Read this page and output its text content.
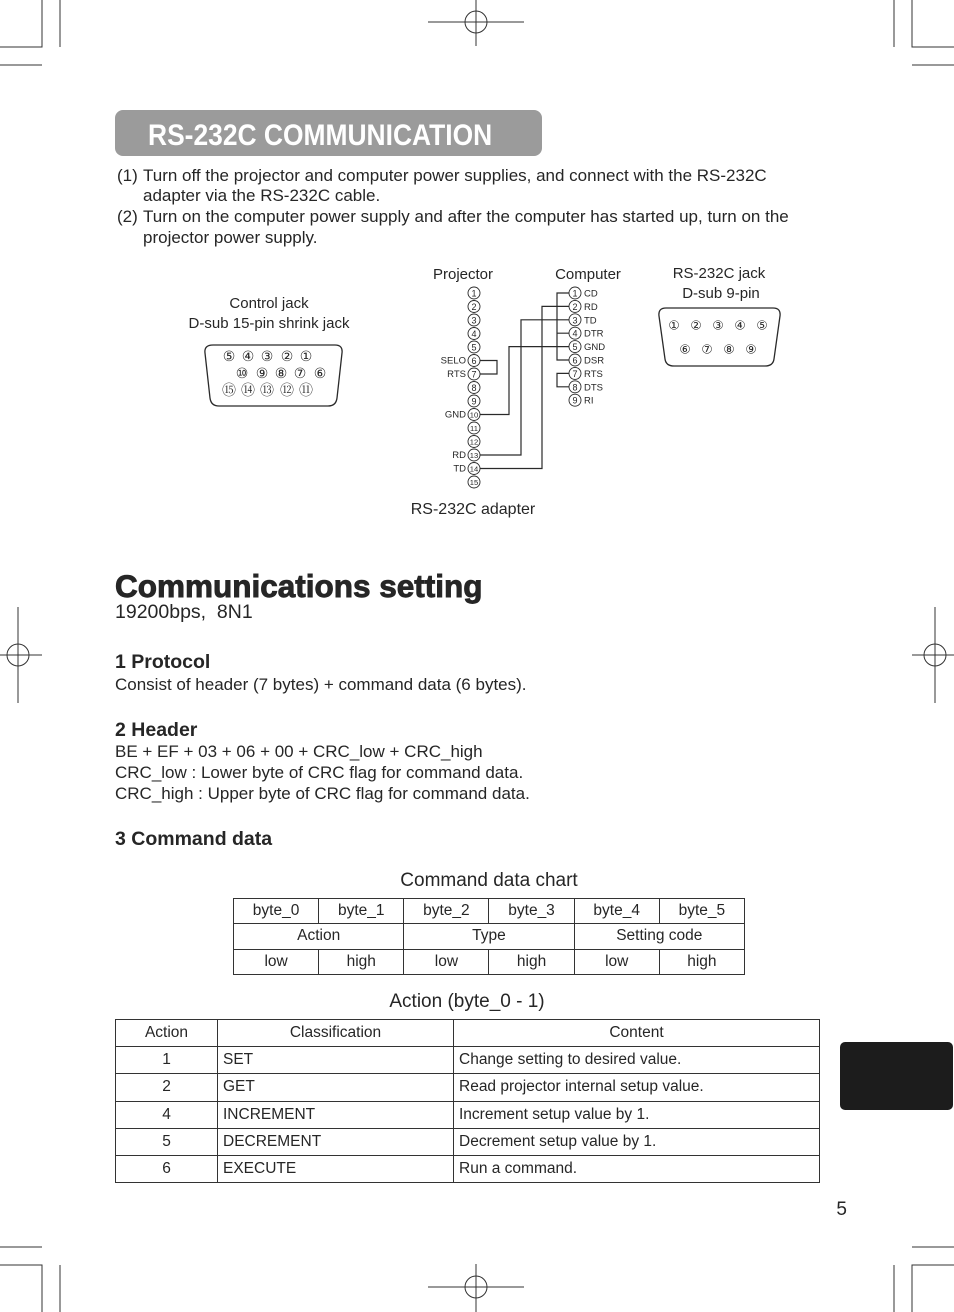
Control jack
D-sub 15-pin shrink jack
⑤ ④ ③ ② ①
⑩ ⑨ ⑧ ⑦ ⑥
⑮ ⑭ ⑬ ⑫ ⑪
Projector	Computer
1
2
3
4
5
6
7
8
9
10
11
12
13
14
15
SELO
RTS
GND
RD
TD
1 CD
2 RD
3 TD
4 DTR
5 GND
6 DSR
7 RTS
8 DTS
9 RI
RS-232C adapter
RS-232C jack
D-sub 9-pin
① ② ③ ④ ⑤
⑥ ⑦ ⑧ ⑨
RS-232C COMMUNICATION
(1) Turn off the projector and computer power supplies, and connect with the RS-232C
adapter via the RS-232C cable.
(2) Turn on the computer power supply and after the computer has started up, turn on the
projector power supply.
Communications setting
19200bps,  8N1
1 Protocol
Consist of header (7 bytes) + command data (6 bytes).
2 Header
BE + EF + 03 + 06 + 00 + CRC_low + CRC_high
CRC_low : Lower byte of CRC flag for command data.
CRC_high : Upper byte of CRC flag for command data.
3 Command data
Command data chart
byte_0	byte_1	byte_2	byte_3	byte_4	byte_5
Action		Type		Setting code	
low	high	low	high	low	high
Action (byte_0 - 1)
Action	Classification	Content
1	SET	Change setting to desired value.
2	GET	Read projector internal setup value.
4	INCREMENT	Increment setup value by 1.
5	DECREMENT	Decrement setup value by 1.
6	EXECUTE	Run a command.
5
